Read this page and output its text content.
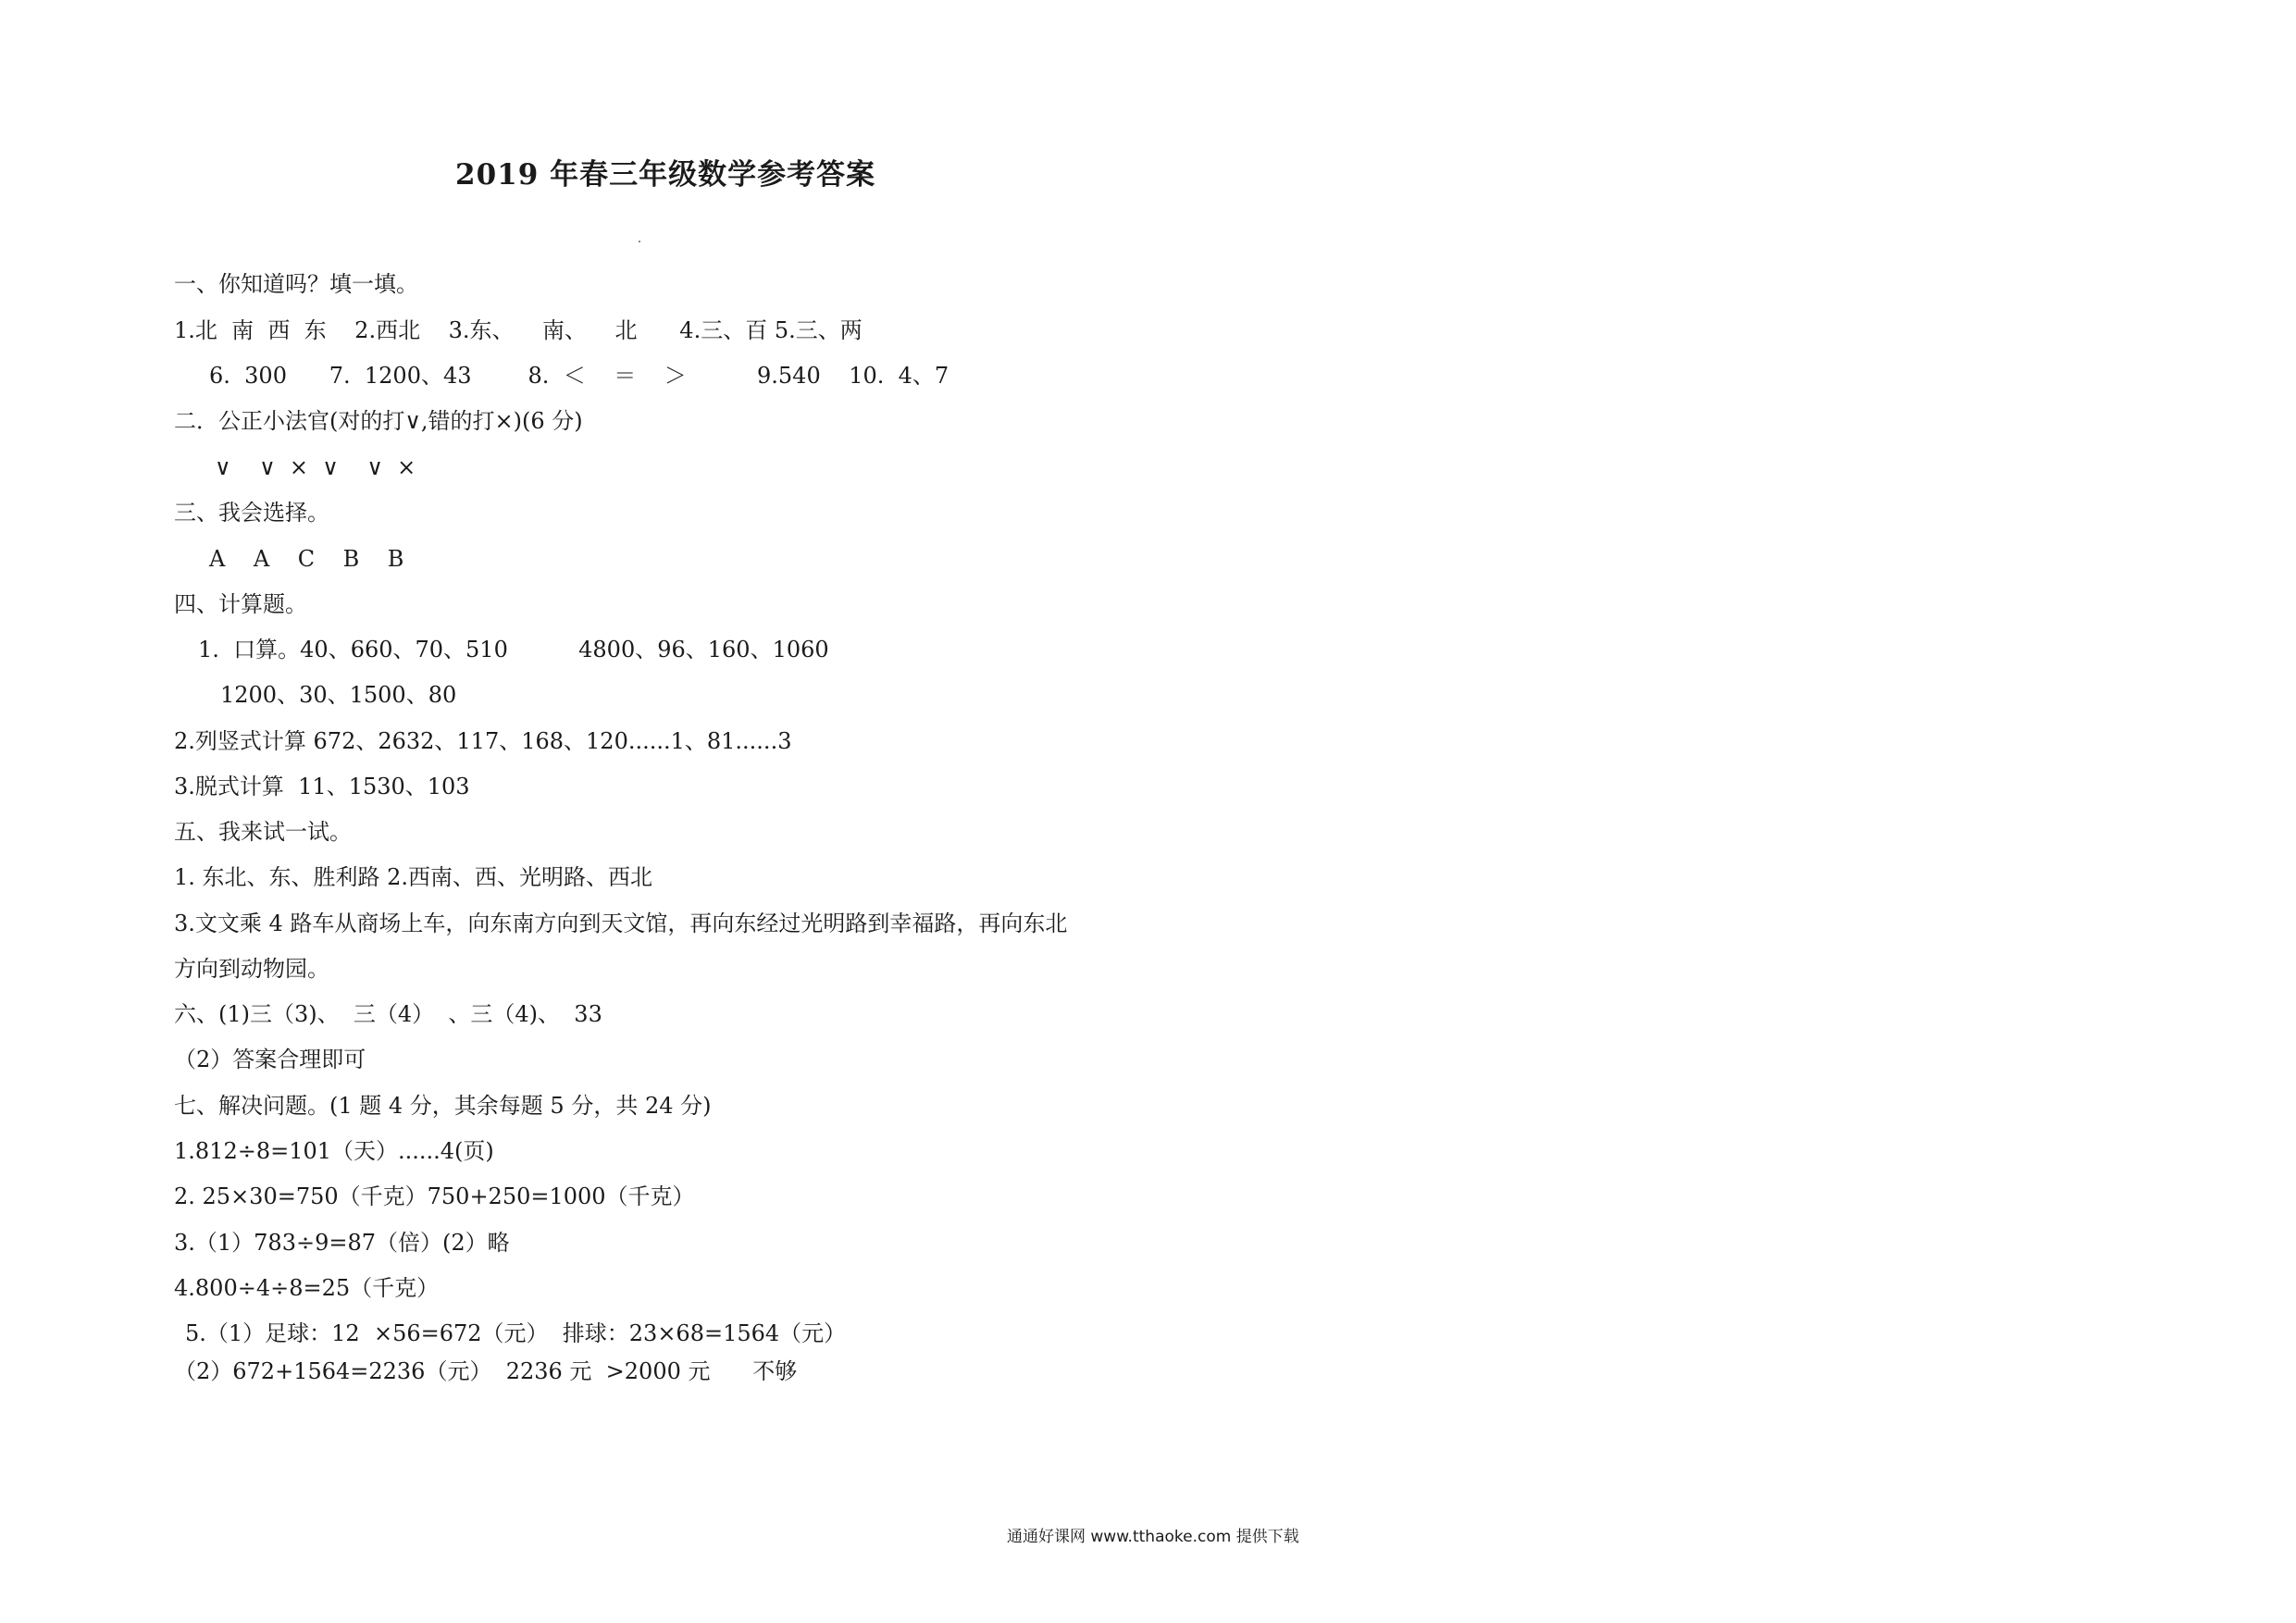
2019 年春三年级数学参考答案
一、你知道吗？填一填。
1.北  南  西  东    2.西北    3.东、    南、    北      4.三、百 5.三、两
6.  300      7.  1200、43        8.  ＜    ＝    ＞          9.540    10.  4、7
二．公正小法官(对的打∨,错的打×)(6 分)
∨    ∨  ×  ∨    ∨  ×
三、我会选择。
A    A    C    B    B
四、计算题。
1.  口算。40、660、70、510          4800、96、160、1060
1200、30、1500、80
2.列竖式计算 672、2632、117、168、120......1、81......3
3.脱式计算  11、1530、103
五、我来试一试。
1. 东北、东、胜利路 2.西南、西、光明路、西北
3.文文乘 4 路车从商场上车，向东南方向到天文馆，再向东经过光明路到幸福路，再向东北
方向到动物园。
六、(1)三（3)、  三（4）  、三（4)、  33
（2）答案合理即可
七、解决问题。(1 题 4 分，其余每题 5 分，共 24 分)
1.812÷8=101（天）......4(页)
2. 25×30=750（千克）750+250=1000（千克）
3.（1）783÷9=87（倍）(2）略
4.800÷4÷8=25（千克）
5.（1）足球：12  ×56=672（元）  排球：23×68=1564（元）
（2）672+1564=2236（元）  2236 元  >2000 元      不够
通通好课网 www.tthaoke.com 提供下载
